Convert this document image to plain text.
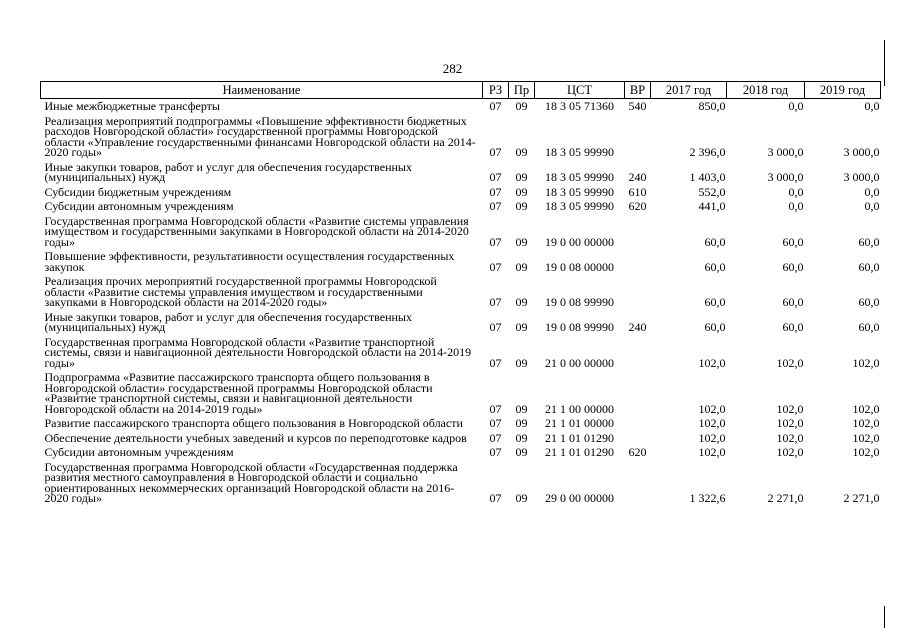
282
Наименование	РЗ	Пр	ЦСТ	ВР	2017 год	2018 год	2019 год
Иные межбюджетные трансферты	07	09	18 3 05 71360	540	850,0	0,0	0,0
Реализация мероприятий подпрограммы «Повышение эффективности бюджетных расходов Новгородской области» государственной программы Новгородской области «Управление государственными финансами Новгородской области на 2014-2020 годы»	07	09	18 3 05 99990		2 396,0	3 000,0	3 000,0
Иные закупки товаров, работ и услуг для обеспечения государственных (муниципальных) нужд	07	09	18 3 05 99990	240	1 403,0	3 000,0	3 000,0
Субсидии бюджетным учреждениям	07	09	18 3 05 99990	610	552,0	0,0	0,0
Субсидии автономным учреждениям	07	09	18 3 05 99990	620	441,0	0,0	0,0
Государственная программа Новгородской области «Развитие системы управления имуществом и государственными закупками в Новгородской области на 2014-2020 годы»	07	09	19 0 00 00000		60,0	60,0	60,0
Повышение эффективности, результативности осуществления государственных закупок	07	09	19 0 08 00000		60,0	60,0	60,0
Реализация прочих мероприятий государственной программы Новгородской области «Развитие системы управления имуществом и государственными закупками в Новгородской области на 2014-2020 годы»	07	09	19 0 08 99990		60,0	60,0	60,0
Иные закупки товаров, работ и услуг для обеспечения государственных (муниципальных) нужд	07	09	19 0 08 99990	240	60,0	60,0	60,0
Государственная программа Новгородской области «Развитие транспортной системы, связи и навигационной деятельности Новгородской области на 2014-2019 годы»	07	09	21 0 00 00000		102,0	102,0	102,0
Подпрограмма «Развитие пассажирского транспорта общего пользования в Новгородской области» государственной программы Новгородской области «Развитие транспортной системы, связи и навигационной деятельности Новгородской области на 2014-2019 годы»	07	09	21 1 00 00000		102,0	102,0	102,0
Развитие пассажирского транспорта общего пользования в Новгородской области	07	09	21 1 01 00000		102,0	102,0	102,0
Обеспечение деятельности учебных заведений и курсов по переподготовке кадров	07	09	21 1 01 01290		102,0	102,0	102,0
Субсидии автономным учреждениям	07	09	21 1 01 01290	620	102,0	102,0	102,0
Государственная программа Новгородской области «Государственная поддержка развития местного самоуправления в Новгородской области и социально ориентированных некоммерческих организаций Новгородской области на 2016-2020 годы»	07	09	29 0 00 00000		1 322,6	2 271,0	2 271,0
